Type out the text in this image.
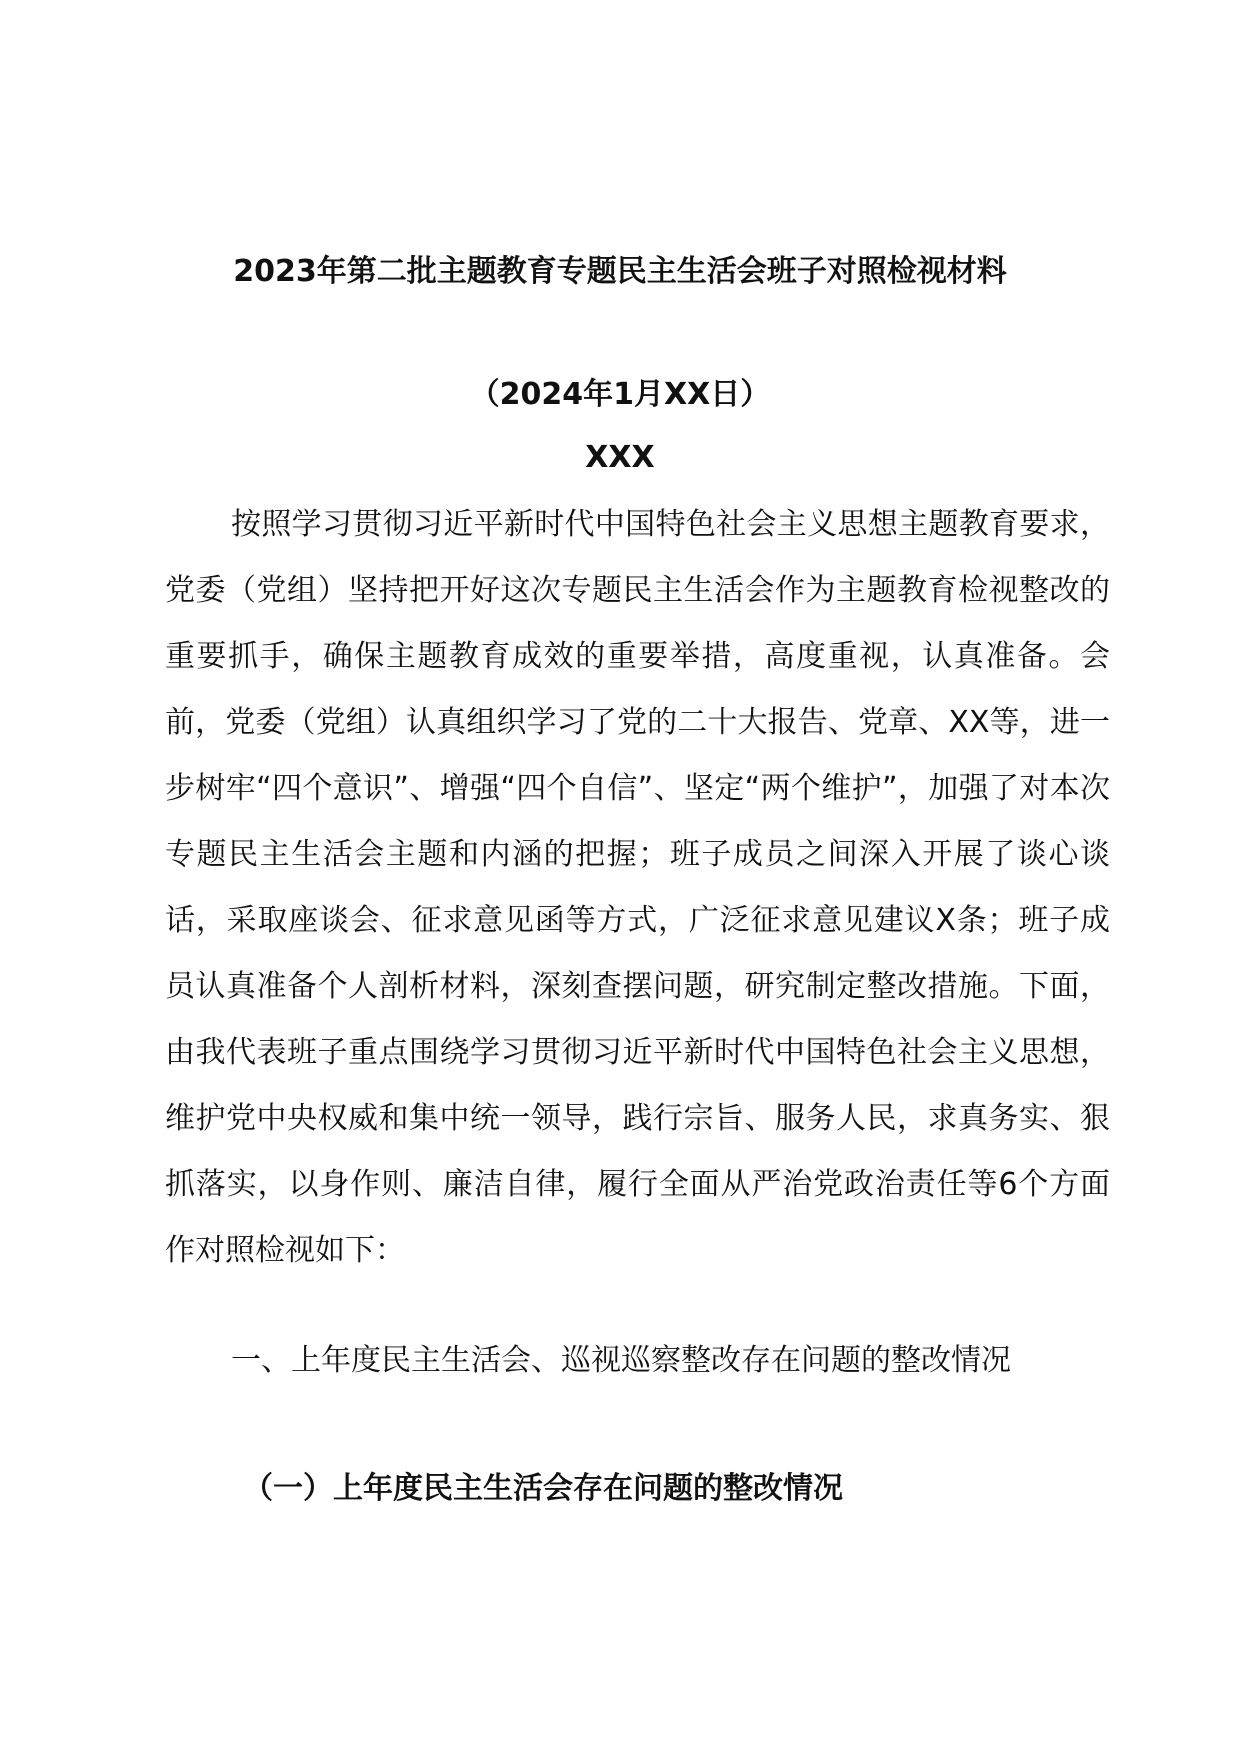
2023年第二批主题教育专题民主生活会班子对照检视材料
（2024年1月XX日）
XXX

按照学习贯彻习近平新时代中国特色社会主义思想主题教育要求，党委（党组）坚持把开好这次专题民主生活会作为主题教育检视整改的重要抓手，确保主题教育成效的重要举措，高度重视，认真准备。会前，党委（党组）认真组织学习了党的二十大报告、党章、XX等，进一步树牢“四个意识”、增强“四个自信”、坚定“两个维护”，加强了对本次专题民主生活会主题和内涵的把握；班子成员之间深入开展了谈心谈话，采取座谈会、征求意见函等方式，广泛征求意见建议X条；班子成员认真准备个人剖析材料，深刻查摆问题，研究制定整改措施。下面，由我代表班子重点围绕学习贯彻习近平新时代中国特色社会主义思想，维护党中央权威和集中统一领导，践行宗旨、服务人民，求真务实、狠抓落实，以身作则、廉洁自律，履行全面从严治党政治责任等6个方面作对照检视如下：

一、上年度民主生活会、巡视巡察整改存在问题的整改情况

（一）上年度民主生活会存在问题的整改情况
